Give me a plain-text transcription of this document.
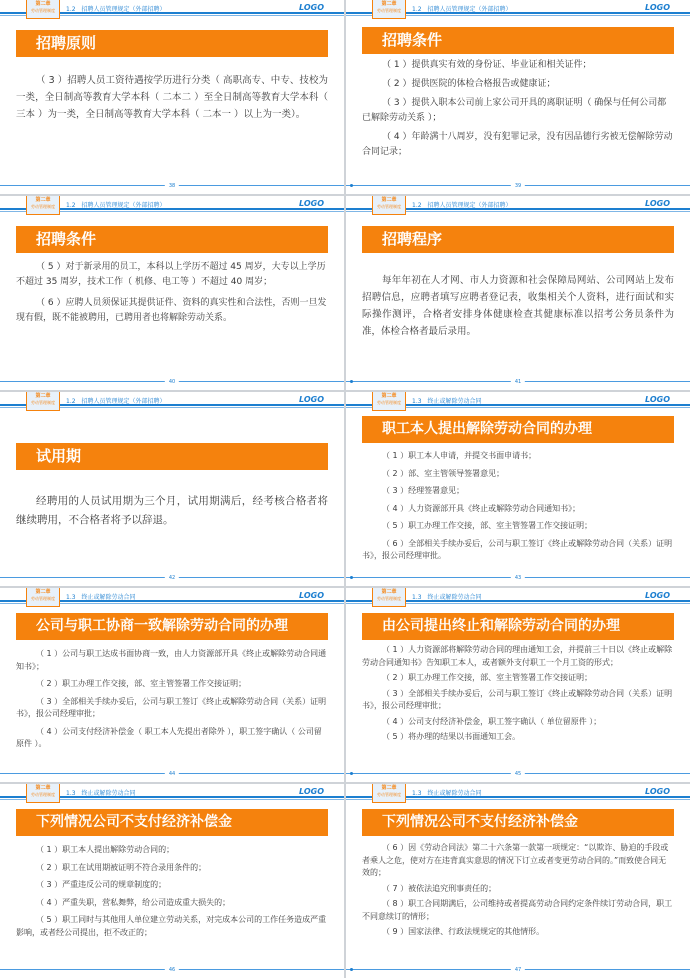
第二章
劳动管理制度	1.2　招聘人员管理规定（外部招聘）	LOGO
招聘原则

（ 3 ）招聘人员工资待遇按学历进行分类（ 高职高专、中专、技校为一类，全日制高等教育大学本科（ 二本二 ）至全日制高等教育大学本科（ 三本 ）为一类，全日制高等教育大学本科（ 二本一 ）以上为一类）。

38
第二章
劳动管理制度	1.2　招聘人员管理规定（外部招聘）	LOGO
招聘条件

（ 1 ）提供真实有效的身份证、毕业证和相关证件；

（ 2 ）提供医院的体检合格报告或健康证；

（ 3 ）提供入职本公司前上家公司开具的离职证明（ 确保与任何公司都已解除劳动关系 ）；

（ 4 ）年龄满十八周岁，没有犯罪记录，没有因品德行劣被无偿解除劳动合同记录；

39
第二章
劳动管理制度	1.2　招聘人员管理规定（外部招聘）	LOGO
招聘条件

（ 5 ）对于新录用的员工，本科以上学历不超过 45 周岁，大专以上学历不超过 35 周岁，技术工作（ 机修、电工等 ）不超过 40 周岁；

（ 6 ）应聘人员须保证其提供证件、资料的真实性和合法性，否则一旦发现有假，既不能被聘用，已聘用者也将解除劳动关系。

40
第二章
劳动管理制度	1.2　招聘人员管理规定（外部招聘）	LOGO
招聘程序

每年年初在人才网、市人力资源和社会保障局网站、公司网站上发布招聘信息，应聘者填写应聘者登记表，收集相关个人资料，进行面试和实际操作测评，合格者安排身体健康检查其健康标准以招考公务员条件为准，体检合格者最后录用。

41
第二章
劳动管理制度	1.2　招聘人员管理规定（外部招聘）	LOGO
试用期

经聘用的人员试用期为三个月，试用期满后，经考核合格者将继续聘用，不合格者将予以辞退。

42
第二章
劳动管理制度	1.3　终止或解除劳动合同	LOGO
职工本人提出解除劳动合同的办理

（ 1 ）职工本人申请，并提交书面申请书；

（ 2 ）部、室主管领导签署意见；

（ 3 ）经理签署意见；

（ 4 ）人力资源部开具《终止或解除劳动合同通知书》；

（ 5 ）职工办理工作交接，部、室主管签署工作交接证明；

（ 6 ）全部相关手续办妥后，公司与职工签订《终止或解除劳动合同（关系）证明书》，报公司经理审批。

43
第二章
劳动管理制度	1.3　终止或解除劳动合同	LOGO
公司与职工协商一致解除劳动合同的办理

（ 1 ）公司与职工达成书面协商一致，由人力资源部开具《终止或解除劳动合同通知书》；

（ 2 ）职工办理工作交接，部、室主管签署工作交接证明；

（ 3 ）全部相关手续办妥后，公司与职工签订《终止或解除劳动合同（关系）证明书》，报公司经理审批；

（ 4 ）公司支付经济补偿金（ 职工本人先提出者除外 ），职工签字确认（ 公司留原件 ）。

44
第二章
劳动管理制度	1.3　终止或解除劳动合同	LOGO
由公司提出终止和解除劳动合同的办理

（ 1 ）人力资源部将解除劳动合同的理由通知工会，并提前三十日以《终止或解除劳动合同通知书》告知职工本人，或者额外支付职工一个月工资的形式；

（ 2 ）职工办理工作交接，部、室主管签署工作交接证明；

（ 3 ）全部相关手续办妥后，公司与职工签订《终止或解除劳动合同（关系）证明书》，报公司经理审批；

（ 4 ）公司支付经济补偿金，职工签字确认（ 单位留原件 ）；

（ 5 ）将办理的结果以书面通知工会。

45
第二章
劳动管理制度	1.3　终止或解除劳动合同	LOGO
下列情况公司不支付经济补偿金

（ 1 ）职工本人提出解除劳动合同的；

（ 2 ）职工在试用期被证明不符合录用条件的；

（ 3 ）严重违反公司的规章制度的；

（ 4 ）严重失职，营私舞弊，给公司造成重大损失的；

（ 5 ）职工同时与其他用人单位建立劳动关系，对完成本公司的工作任务造成严重影响，或者经公司提出，拒不改正的；

46
第二章
劳动管理制度	1.3　终止或解除劳动合同	LOGO
下列情况公司不支付经济补偿金

（ 6 ）因《劳动合同法》第二十六条第一款第一项规定：“以欺诈、胁迫的手段或者乘人之危，使对方在违背真实意思的情况下订立或者变更劳动合同的。”而致使合同无效的；

（ 7 ）被依法追究刑事责任的；

（ 8 ）职工合同期满后，公司维持或者提高劳动合同约定条件续订劳动合同，职工不同意续订的情形；

（ 9 ）国家法律、行政法规规定的其他情形。

47
